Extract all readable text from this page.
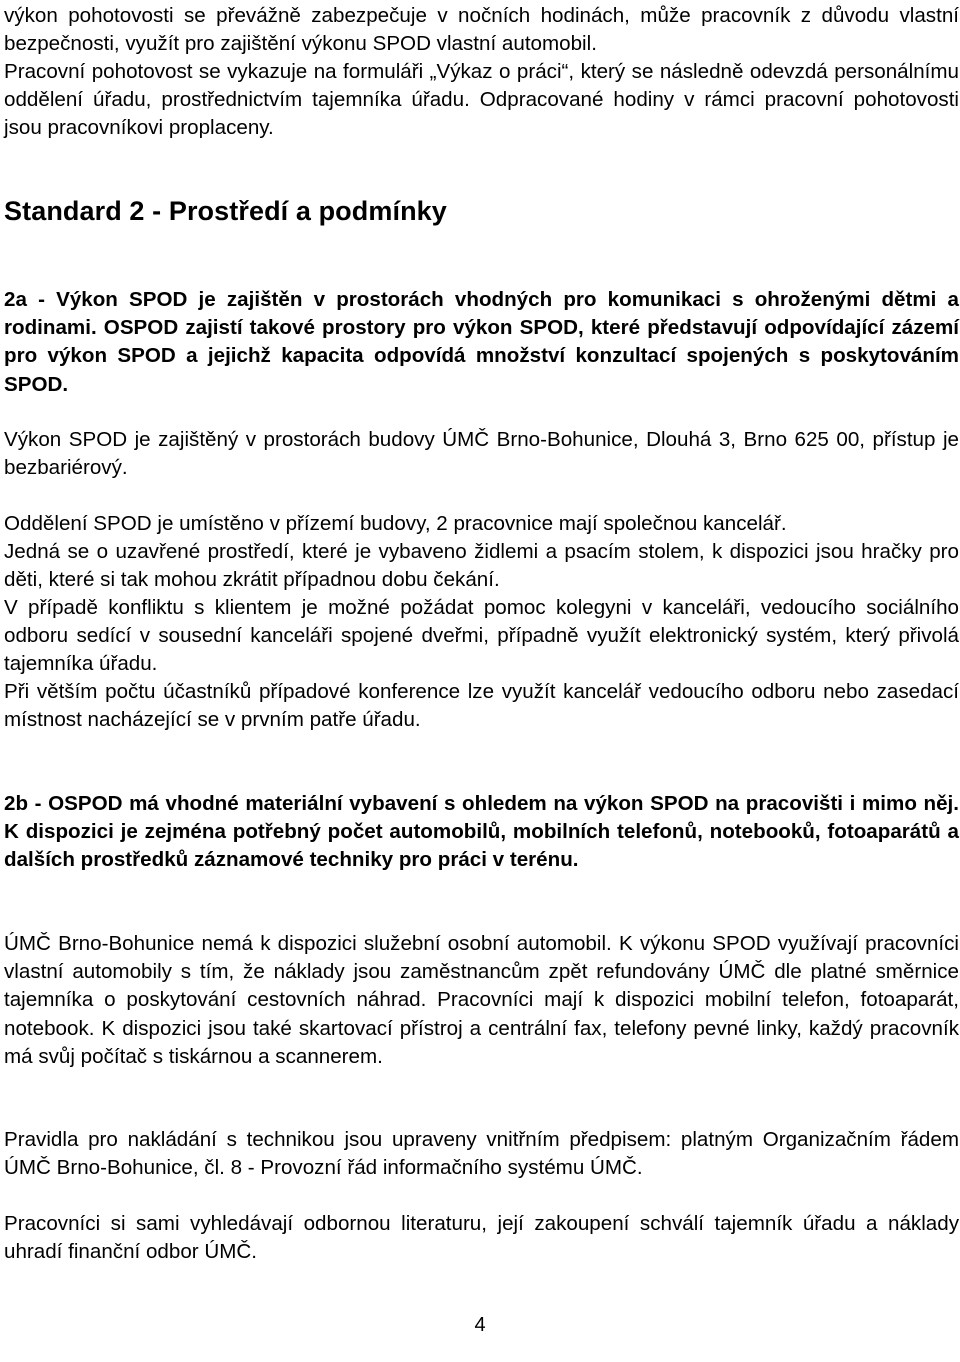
výkon pohotovosti se převážně zabezpečuje v nočních hodinách, může pracovník z důvodu vlastní bezpečnosti, využít pro zajištění výkonu SPOD vlastní automobil.

Pracovní pohotovost se vykazuje na formuláři „Výkaz o práci“, který se následně odevzdá personálnímu oddělení úřadu, prostřednictvím tajemníka úřadu. Odpracované hodiny v rámci pracovní pohotovosti jsou pracovníkovi proplaceny.

Standard 2 - Prostředí a podmínky

2a - Výkon SPOD je zajištěn v prostorách vhodných pro komunikaci s ohroženými dětmi a rodinami. OSPOD zajistí takové prostory pro výkon SPOD, které představují odpovídající zázemí pro výkon SPOD a jejichž kapacita odpovídá množství konzultací spojených s poskytováním SPOD.

Výkon SPOD je zajištěný v prostorách budovy ÚMČ Brno-Bohunice, Dlouhá 3, Brno 625 00, přístup je bezbariérový.

Oddělení SPOD je umístěno v přízemí budovy, 2 pracovnice mají společnou kancelář.

Jedná se o uzavřené prostředí, které je vybaveno židlemi a psacím stolem, k dispozici jsou hračky pro děti, které si tak mohou zkrátit případnou dobu čekání.

V případě konfliktu s klientem je možné požádat pomoc kolegyni v kanceláři, vedoucího sociálního odboru sedící v sousední kanceláři spojené dveřmi, případně využít elektronický systém, který přivolá tajemníka úřadu.

Při větším počtu účastníků případové konference lze využít kancelář vedoucího odboru nebo zasedací místnost nacházející se v prvním patře úřadu.

2b - OSPOD má vhodné materiální vybavení s ohledem na výkon SPOD na pracovišti i mimo něj. K dispozici je zejména potřebný počet automobilů, mobilních telefonů, notebooků, fotoaparátů a dalších prostředků záznamové techniky pro práci v terénu.

ÚMČ Brno-Bohunice nemá k dispozici služební osobní automobil. K výkonu SPOD využívají pracovníci vlastní automobily s tím, že náklady jsou zaměstnancům zpět refundovány ÚMČ dle platné směrnice tajemníka o poskytování cestovních náhrad. Pracovníci mají k dispozici mobilní telefon, fotoaparát, notebook. K dispozici jsou také skartovací přístroj a centrální fax, telefony pevné linky, každý pracovník má svůj počítač s tiskárnou a scannerem.

Pravidla pro nakládání s technikou jsou upraveny vnitřním předpisem: platným Organizačním řádem ÚMČ Brno-Bohunice, čl. 8 - Provozní řád informačního systému ÚMČ.

Pracovníci si sami vyhledávají odbornou literaturu, její zakoupení schválí tajemník úřadu a náklady uhradí finanční odbor ÚMČ.

4
